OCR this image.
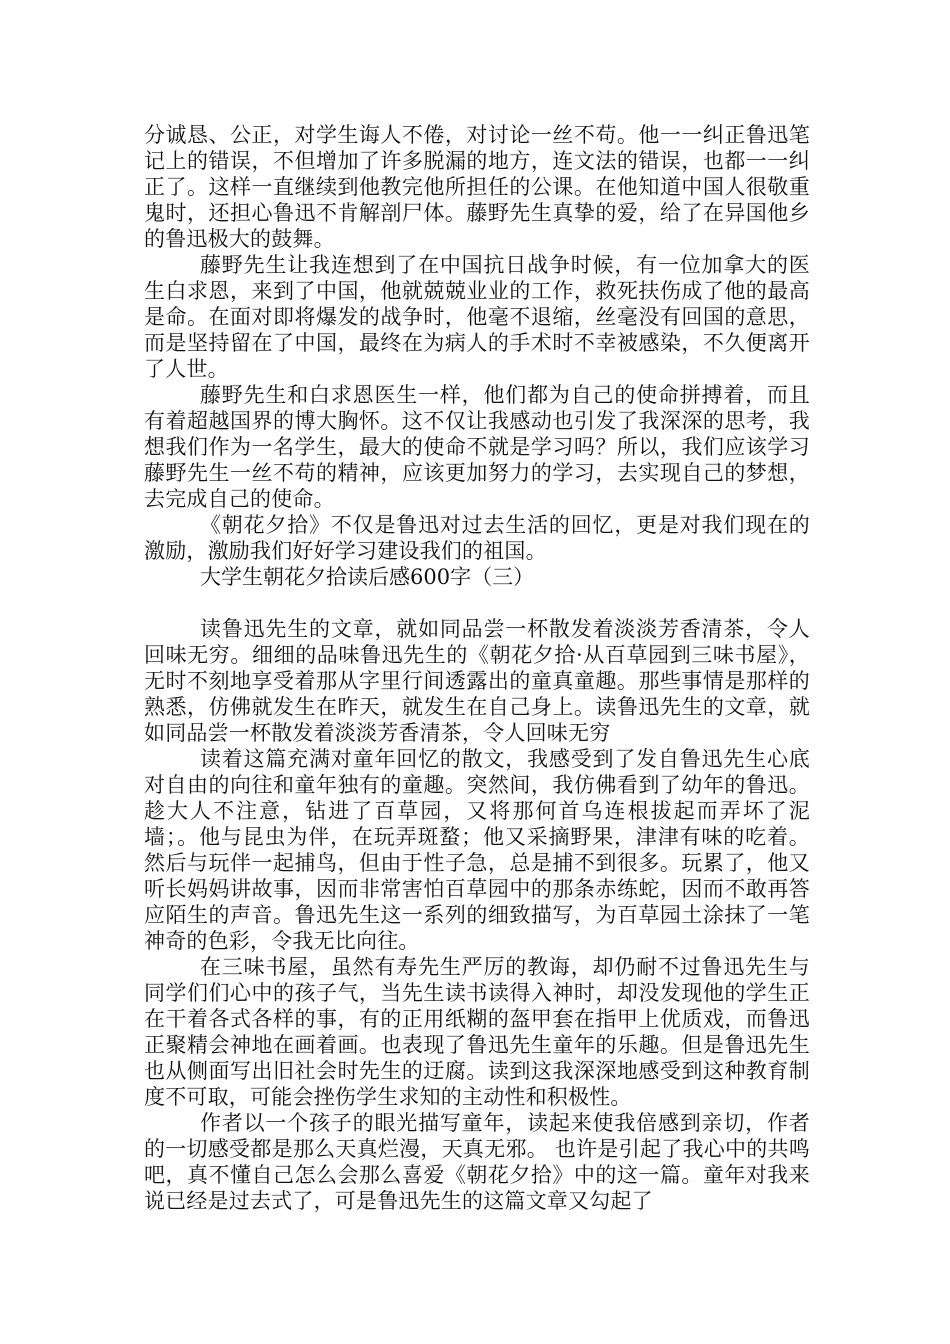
分诚恳、公正，对学生诲人不倦，对讨论一丝不苟。他一一纠正鲁迅笔记上的错误，不但增加了许多脱漏的地方，连文法的错误，也都一一纠正了。这样一直继续到他教完他所担任的公课。在他知道中国人很敬重鬼时，还担心鲁迅不肯解剖尸体。藤野先生真挚的爱，给了在异国他乡的鲁迅极大的鼓舞。

藤野先生让我连想到了在中国抗日战争时候，有一位加拿大的医生白求恩，来到了中国，他就兢兢业业的工作，救死扶伤成了他的最高是命。在面对即将爆发的战争时，他毫不退缩，丝毫没有回国的意思，而是坚持留在了中国，最终在为病人的手术时不幸被感染，不久便离开了人世。

藤野先生和白求恩医生一样，他们都为自己的使命拼搏着，而且有着超越国界的博大胸怀。这不仅让我感动也引发了我深深的思考，我想我们作为一名学生，最大的使命不就是学习吗？所以，我们应该学习藤野先生一丝不苟的精神，应该更加努力的学习，去实现自己的梦想，去完成自己的使命。

《朝花夕拾》不仅是鲁迅对过去生活的回忆，更是对我们现在的激励，激励我们好好学习建设我们的祖国。

大学生朝花夕拾读后感600字（三）

读鲁迅先生的文章，就如同品尝一杯散发着淡淡芳香清茶，令人回味无穷。细细的品味鲁迅先生的《朝花夕拾·从百草园到三味书屋》，无时不刻地享受着那从字里行间透露出的童真童趣。那些事情是那样的熟悉，仿佛就发生在昨天，就发生在自己身上。读鲁迅先生的文章，就如同品尝一杯散发着淡淡芳香清茶，令人回味无穷

读着这篇充满对童年回忆的散文，我感受到了发自鲁迅先生心底对自由的向往和童年独有的童趣。突然间，我仿佛看到了幼年的鲁迅。趁大人不注意，钻进了百草园，又将那何首乌连根拔起而弄坏了泥墙；。他与昆虫为伴，在玩弄斑蝥；他又采摘野果，津津有味的吃着。然后与玩伴一起捕鸟，但由于性子急，总是捕不到很多。玩累了，他又听长妈妈讲故事，因而非常害怕百草园中的那条赤练蛇，因而不敢再答应陌生的声音。鲁迅先生这一系列的细致描写，为百草园土涂抹了一笔神奇的色彩，令我无比向往。

在三味书屋，虽然有寿先生严厉的教诲，却仍耐不过鲁迅先生与同学们们心中的孩子气，当先生读书读得入神时，却没发现他的学生正在干着各式各样的事，有的正用纸糊的盔甲套在指甲上优质戏，而鲁迅正聚精会神地在画着画。也表现了鲁迅先生童年的乐趣。但是鲁迅先生也从侧面写出旧社会时先生的迂腐。读到这我深深地感受到这种教育制度不可取，可能会挫伤学生求知的主动性和积极性。

作者以一个孩子的眼光描写童年，读起来使我倍感到亲切，作者的一切感受都是那么天真烂漫，天真无邪。 也许是引起了我心中的共鸣吧，真不懂自己怎么会那么喜爱《朝花夕拾》中的这一篇。童年对我来说已经是过去式了，可是鲁迅先生的这篇文章又勾起了
